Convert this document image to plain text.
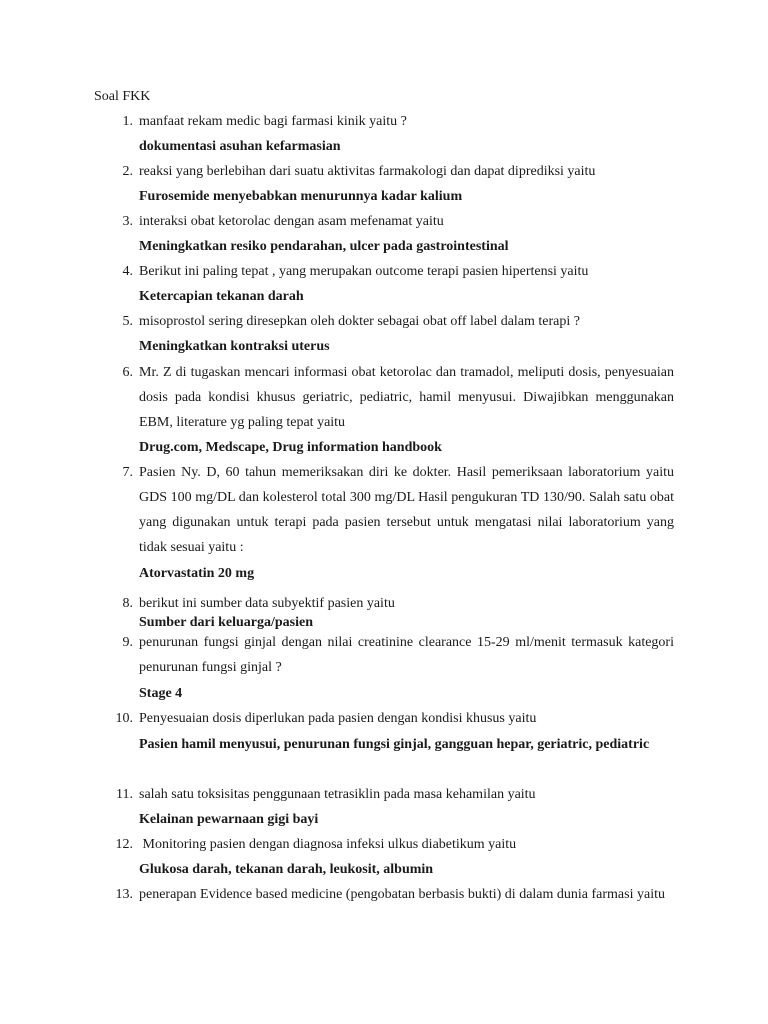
Soal FKK
1. manfaat rekam medic bagi farmasi kinik yaitu ?
dokumentasi asuhan kefarmasian
2. reaksi yang berlebihan dari suatu aktivitas farmakologi dan dapat diprediksi yaitu
Furosemide menyebabkan menurunnya kadar kalium
3. interaksi obat ketorolac dengan asam mefenamat yaitu
Meningkatkan resiko pendarahan, ulcer pada gastrointestinal
4. Berikut ini paling tepat , yang merupakan outcome terapi pasien hipertensi yaitu
Ketercapian tekanan darah
5. misoprostol sering diresepkan oleh dokter sebagai obat off label dalam terapi ?
Meningkatkan kontraksi uterus
6. Mr. Z di tugaskan mencari informasi obat ketorolac dan tramadol, meliputi dosis, penyesuaian dosis pada kondisi khusus geriatric, pediatric, hamil menyusui. Diwajibkan menggunakan EBM, literature yg paling tepat yaitu
Drug.com, Medscape, Drug information handbook
7. Pasien Ny. D, 60 tahun memeriksakan diri ke dokter. Hasil pemeriksaan laboratorium yaitu GDS 100 mg/DL dan kolesterol total 300 mg/DL Hasil pengukuran TD 130/90. Salah satu obat yang digunakan untuk terapi pada pasien tersebut untuk mengatasi nilai laboratorium yang tidak sesuai yaitu :
Atorvastatin 20 mg
8. berikut ini sumber data subyektif pasien yaitu
Sumber dari keluarga/pasien
9. penurunan fungsi ginjal dengan nilai creatinine clearance 15-29 ml/menit termasuk kategori penurunan fungsi ginjal ?
Stage 4
10. Penyesuaian dosis diperlukan pada pasien dengan kondisi khusus yaitu
Pasien hamil menyusui, penurunan fungsi ginjal, gangguan hepar, geriatric, pediatric
11. salah satu toksisitas penggunaan tetrasiklin pada masa kehamilan yaitu
Kelainan pewarnaan gigi bayi
12. Monitoring pasien dengan diagnosa infeksi ulkus diabetikum yaitu
Glukosa darah, tekanan darah, leukosit, albumin
13. penerapan Evidence based medicine (pengobatan berbasis bukti) di dalam dunia farmasi yaitu
